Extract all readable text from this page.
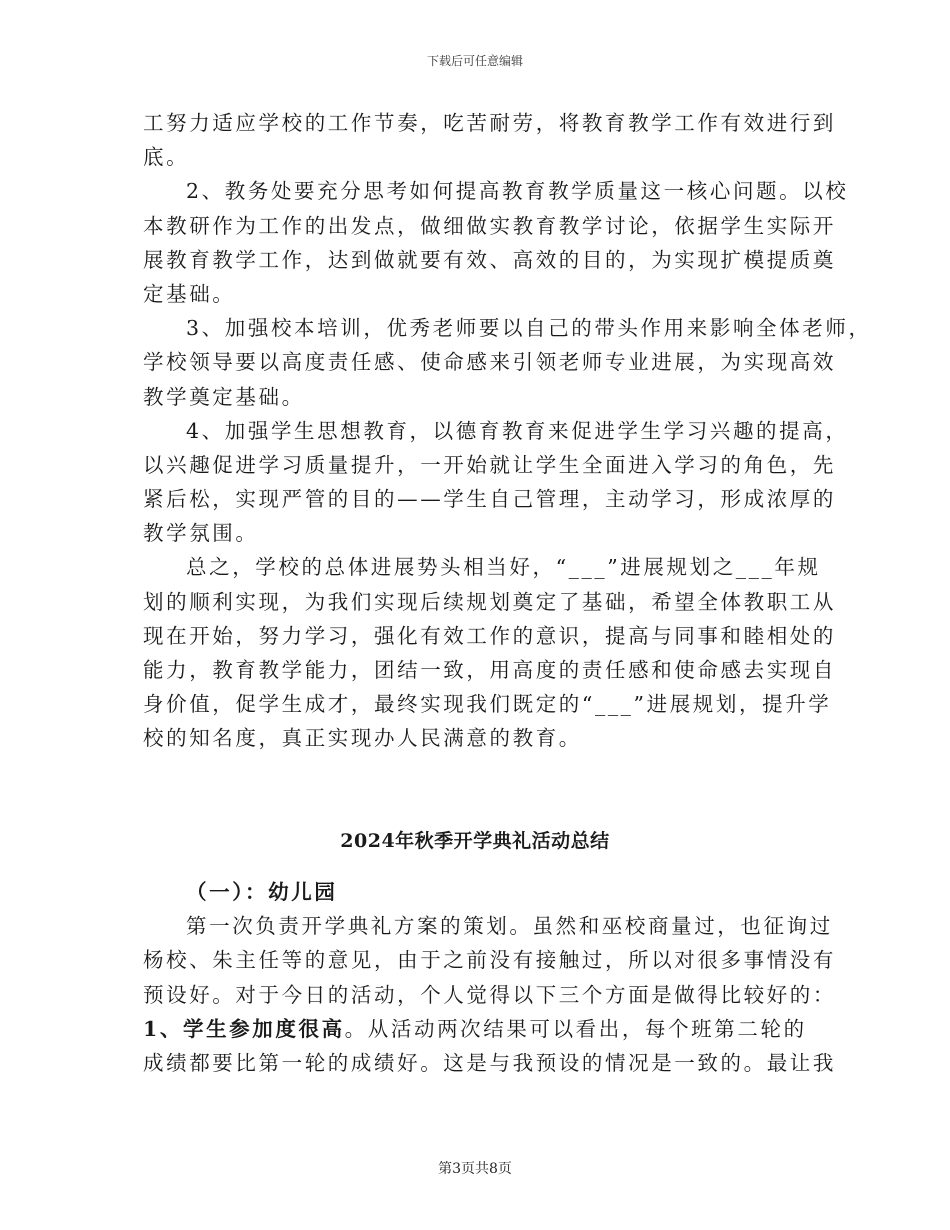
下载后可任意编辑
工努力适应学校的工作节奏，吃苦耐劳，将教育教学工作有效进行到
底。
2、教务处要充分思考如何提高教育教学质量这一核心问题。以校
本教研作为工作的出发点，做细做实教育教学讨论，依据学生实际开
展教育教学工作，达到做就要有效、高效的目的，为实现扩模提质奠
定基础。
3、加强校本培训，优秀老师要以自己的带头作用来影响全体老师，
学校领导要以高度责任感、使命感来引领老师专业进展，为实现高效
教学奠定基础。
4、加强学生思想教育，以德育教育来促进学生学习兴趣的提高，
以兴趣促进学习质量提升，一开始就让学生全面进入学习的角色，先
紧后松，实现严管的目的——学生自己管理，主动学习，形成浓厚的
教学氛围。
总之，学校的总体进展势头相当好，“___”进展规划之___年规
划的顺利实现，为我们实现后续规划奠定了基础，希望全体教职工从
现在开始，努力学习，强化有效工作的意识，提高与同事和睦相处的
能力，教育教学能力，团结一致，用高度的责任感和使命感去实现自
身价值，促学生成才，最终实现我们既定的“___”进展规划，提升学
校的知名度，真正实现办人民满意的教育。
2024年秋季开学典礼活动总结
（一）：幼儿园
第一次负责开学典礼方案的策划。虽然和巫校商量过，也征询过
杨校、朱主任等的意见，由于之前没有接触过，所以对很多事情没有
预设好。对于今日的活动，个人觉得以下三个方面是做得比较好的：
1、学生参加度很高。从活动两次结果可以看出，每个班第二轮的
成绩都要比第一轮的成绩好。这是与我预设的情况是一致的。最让我
第3页共8页
